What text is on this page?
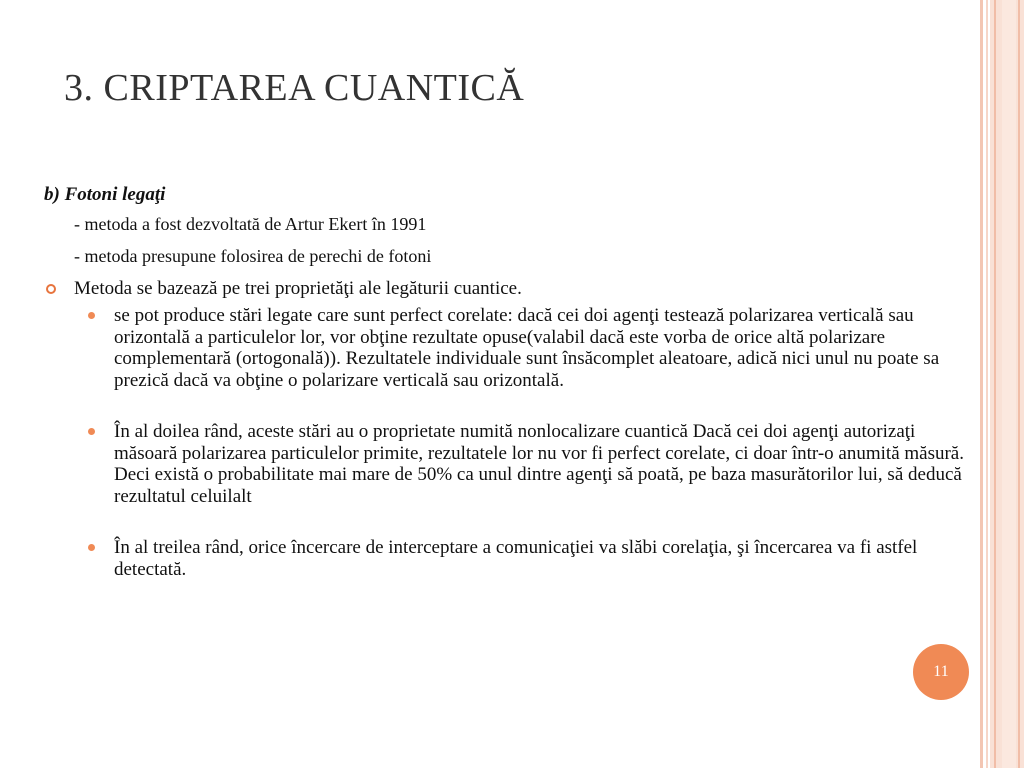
3. CRIPTAREA CUANTICĂ
b) Fotoni legaţi
- metoda a fost dezvoltată de Artur Ekert în 1991
- metoda presupune folosirea de perechi de fotoni
Metoda se bazează pe trei proprietăţi ale legăturii cuantice.
se pot produce stări legate care sunt perfect corelate: dacă cei doi agenţi testează polarizarea verticală sau orizontală a particulelor lor, vor obţine rezultate opuse(valabil dacă este vorba de orice altă polarizare complementară (ortogonală)). Rezultatele individuale sunt însăcomplet aleatoare, adică nici unul nu poate sa prezică dacă va obţine o polarizare verticală sau orizontală.
În al doilea rând, aceste stări au o proprietate numită nonlocalizare cuantică Dacă cei doi agenţi autorizaţi măsoară polarizarea particulelor primite, rezultatele lor nu vor fi perfect corelate, ci doar într-o anumită măsură. Deci există o probabilitate mai mare de 50% ca unul dintre agenţi să poată, pe baza masurătorilor lui, să deducă rezultatul celuilalt
În al treilea rând, orice încercare de interceptare a comunicaţiei va slăbi corelaţia, şi încercarea va fi astfel detectată.
11
